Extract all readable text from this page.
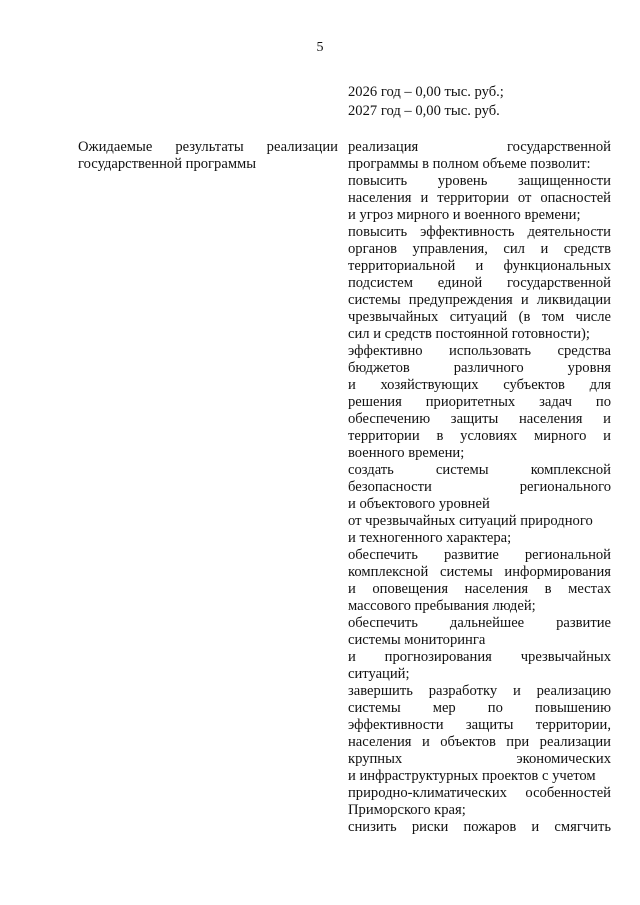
5
2026 год – 0,00 тыс. руб.;
2027 год – 0,00 тыс. руб.
Ожидаемые результаты реализации
государственной программы
реализация государственной
программы в полном объеме позволит:
повысить уровень защищенности
населения и территории от опасностей
и угроз мирного и военного времени;
повысить эффективность деятельности
органов управления, сил и средств
территориальной и функциональных
подсистем единой государственной
системы предупреждения и ликвидации
чрезвычайных ситуаций (в том числе
сил и средств постоянной готовности);
эффективно использовать средства
бюджетов различного уровня
и хозяйствующих субъектов для
решения приоритетных задач по
обеспечению защиты населения и
территории в условиях мирного и
военного времени;
создать системы комплексной
безопасности регионального
и объектового уровней
от чрезвычайных ситуаций природного
и техногенного характера;
обеспечить развитие региональной
комплексной системы информирования
и оповещения населения в местах
массового пребывания людей;
обеспечить дальнейшее развитие
системы мониторинга
и прогнозирования чрезвычайных
ситуаций;
завершить разработку и реализацию
системы мер по повышению
эффективности защиты территории,
населения и объектов при реализации
крупных экономических
и инфраструктурных проектов с учетом
природно-климатических особенностей
Приморского края;
снизить риски пожаров и смягчить
